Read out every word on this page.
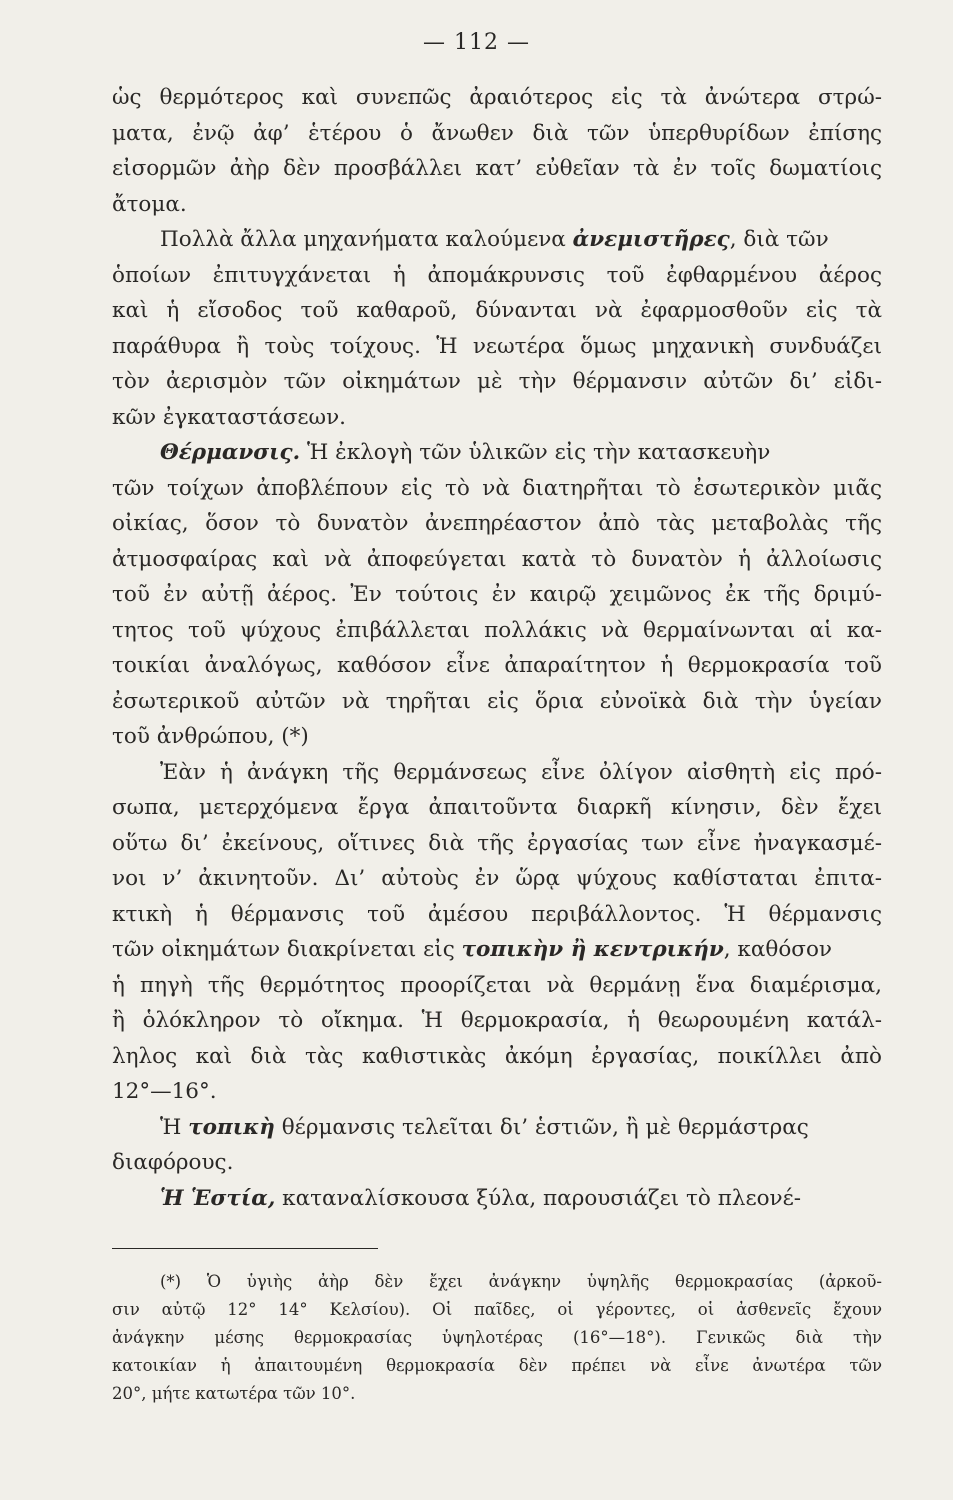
— 112 —

ὡς θερμότερος καὶ συνεπῶς ἀραιότερος εἰς τὰ ἀνώτερα στρώ-

ματα, ἐνῷ ἀφ’ ἑτέρου ὁ ἄνωθεν διὰ τῶν ὑπερθυρίδων ἐπίσης

εἰσορμῶν ἀὴρ δὲν προσβάλλει κατ’ εὐθεῖαν τὰ ἐν τοῖς δωματίοις

ἄτομα.

Πολλὰ ἄλλα μηχανήματα καλούμενα ἀνεμιστῆρες, διὰ τῶν

ὁποίων ἐπιτυγχάνεται ἡ ἀπομάκρυνσις τοῦ ἐφθαρμένου ἀέρος

καὶ ἡ εἴσοδος τοῦ καθαροῦ, δύνανται νὰ ἐφαρμοσθοῦν εἰς τὰ

παράθυρα ἢ τοὺς τοίχους. Ἡ νεωτέρα ὅμως μηχανικὴ συνδυάζει

τὸν ἀερισμὸν τῶν οἰκημάτων μὲ τὴν θέρμανσιν αὐτῶν δι’ εἰδι-

κῶν ἐγκαταστάσεων.

Θέρμανσις. Ἡ ἐκλογὴ τῶν ὑλικῶν εἰς τὴν κατασκευὴν

τῶν τοίχων ἀποβλέπουν εἰς τὸ νὰ διατηρῆται τὸ ἐσωτερικὸν μιᾶς

οἰκίας, ὅσον τὸ δυνατὸν ἀνεπηρέαστον ἀπὸ τὰς μεταβολὰς τῆς

ἀτμοσφαίρας καὶ νὰ ἀποφεύγεται κατὰ τὸ δυνατὸν ἡ ἀλλοίωσις

τοῦ ἐν αὐτῇ ἀέρος. Ἐν τούτοις ἐν καιρῷ χειμῶνος ἐκ τῆς δριμύ-

τητος τοῦ ψύχους ἐπιβάλλεται πολλάκις νὰ θερμαίνωνται αἱ κα-

τοικίαι ἀναλόγως, καθόσον εἶνε ἀπαραίτητον ἡ θερμοκρασία τοῦ

ἐσωτερικοῦ αὐτῶν νὰ τηρῆται εἰς ὅρια εὐνοϊκὰ διὰ τὴν ὑγείαν

τοῦ ἀνθρώπου, (*)

Ἐὰν ἡ ἀνάγκη τῆς θερμάνσεως εἶνε ὀλίγον αἰσθητὴ εἰς πρό-

σωπα, μετερχόμενα ἔργα ἀπαιτοῦντα διαρκῆ κίνησιν, δὲν ἔχει

οὕτω δι’ ἐκείνους, οἵτινες διὰ τῆς ἐργασίας των εἶνε ἠναγκασμέ-

νοι ν’ ἀκινητοῦν. Δι’ αὐτοὺς ἐν ὥρᾳ ψύχους καθίσταται ἐπιτα-

κτικὴ ἡ θέρμανσις τοῦ ἀμέσου περιβάλλοντος. Ἡ θέρμανσις

τῶν οἰκημάτων διακρίνεται εἰς τοπικὴν ἢ κεντρικήν, καθόσον

ἡ πηγὴ τῆς θερμότητος προορίζεται νὰ θερμάνῃ ἕνα διαμέρισμα,

ἢ ὁλόκληρον τὸ οἴκημα. Ἡ θερμοκρασία, ἡ θεωρουμένη κατάλ-

ληλος καὶ διὰ τὰς καθιστικὰς ἀκόμη ἐργασίας, ποικίλλει ἀπὸ

12°—16°.

Ἡ τοπικὴ θέρμανσις τελεῖται δι’ ἑστιῶν, ἢ μὲ θερμάστρας

διαφόρους.

Ἡ Ἑστία, καταναλίσκουσα ξύλα, παρουσιάζει τὸ πλεονέ-

(*) Ὁ ὑγιὴς ἀὴρ δὲν ἔχει ἀνάγκην ὑψηλῆς θερμοκρασίας (ἀρκοῦ-

σιν αὐτῷ 12° 14° Κελσίου). Οἱ παῖδες, οἱ γέροντες, οἱ ἀσθενεῖς ἔχουν

ἀνάγκην μέσης θερμοκρασίας ὑψηλοτέρας (16°—18°). Γενικῶς διὰ τὴν

κατοικίαν ἡ ἀπαιτουμένη θερμοκρασία δὲν πρέπει νὰ εἶνε ἀνωτέρα τῶν

20°, μήτε κατωτέρα τῶν 10°.
